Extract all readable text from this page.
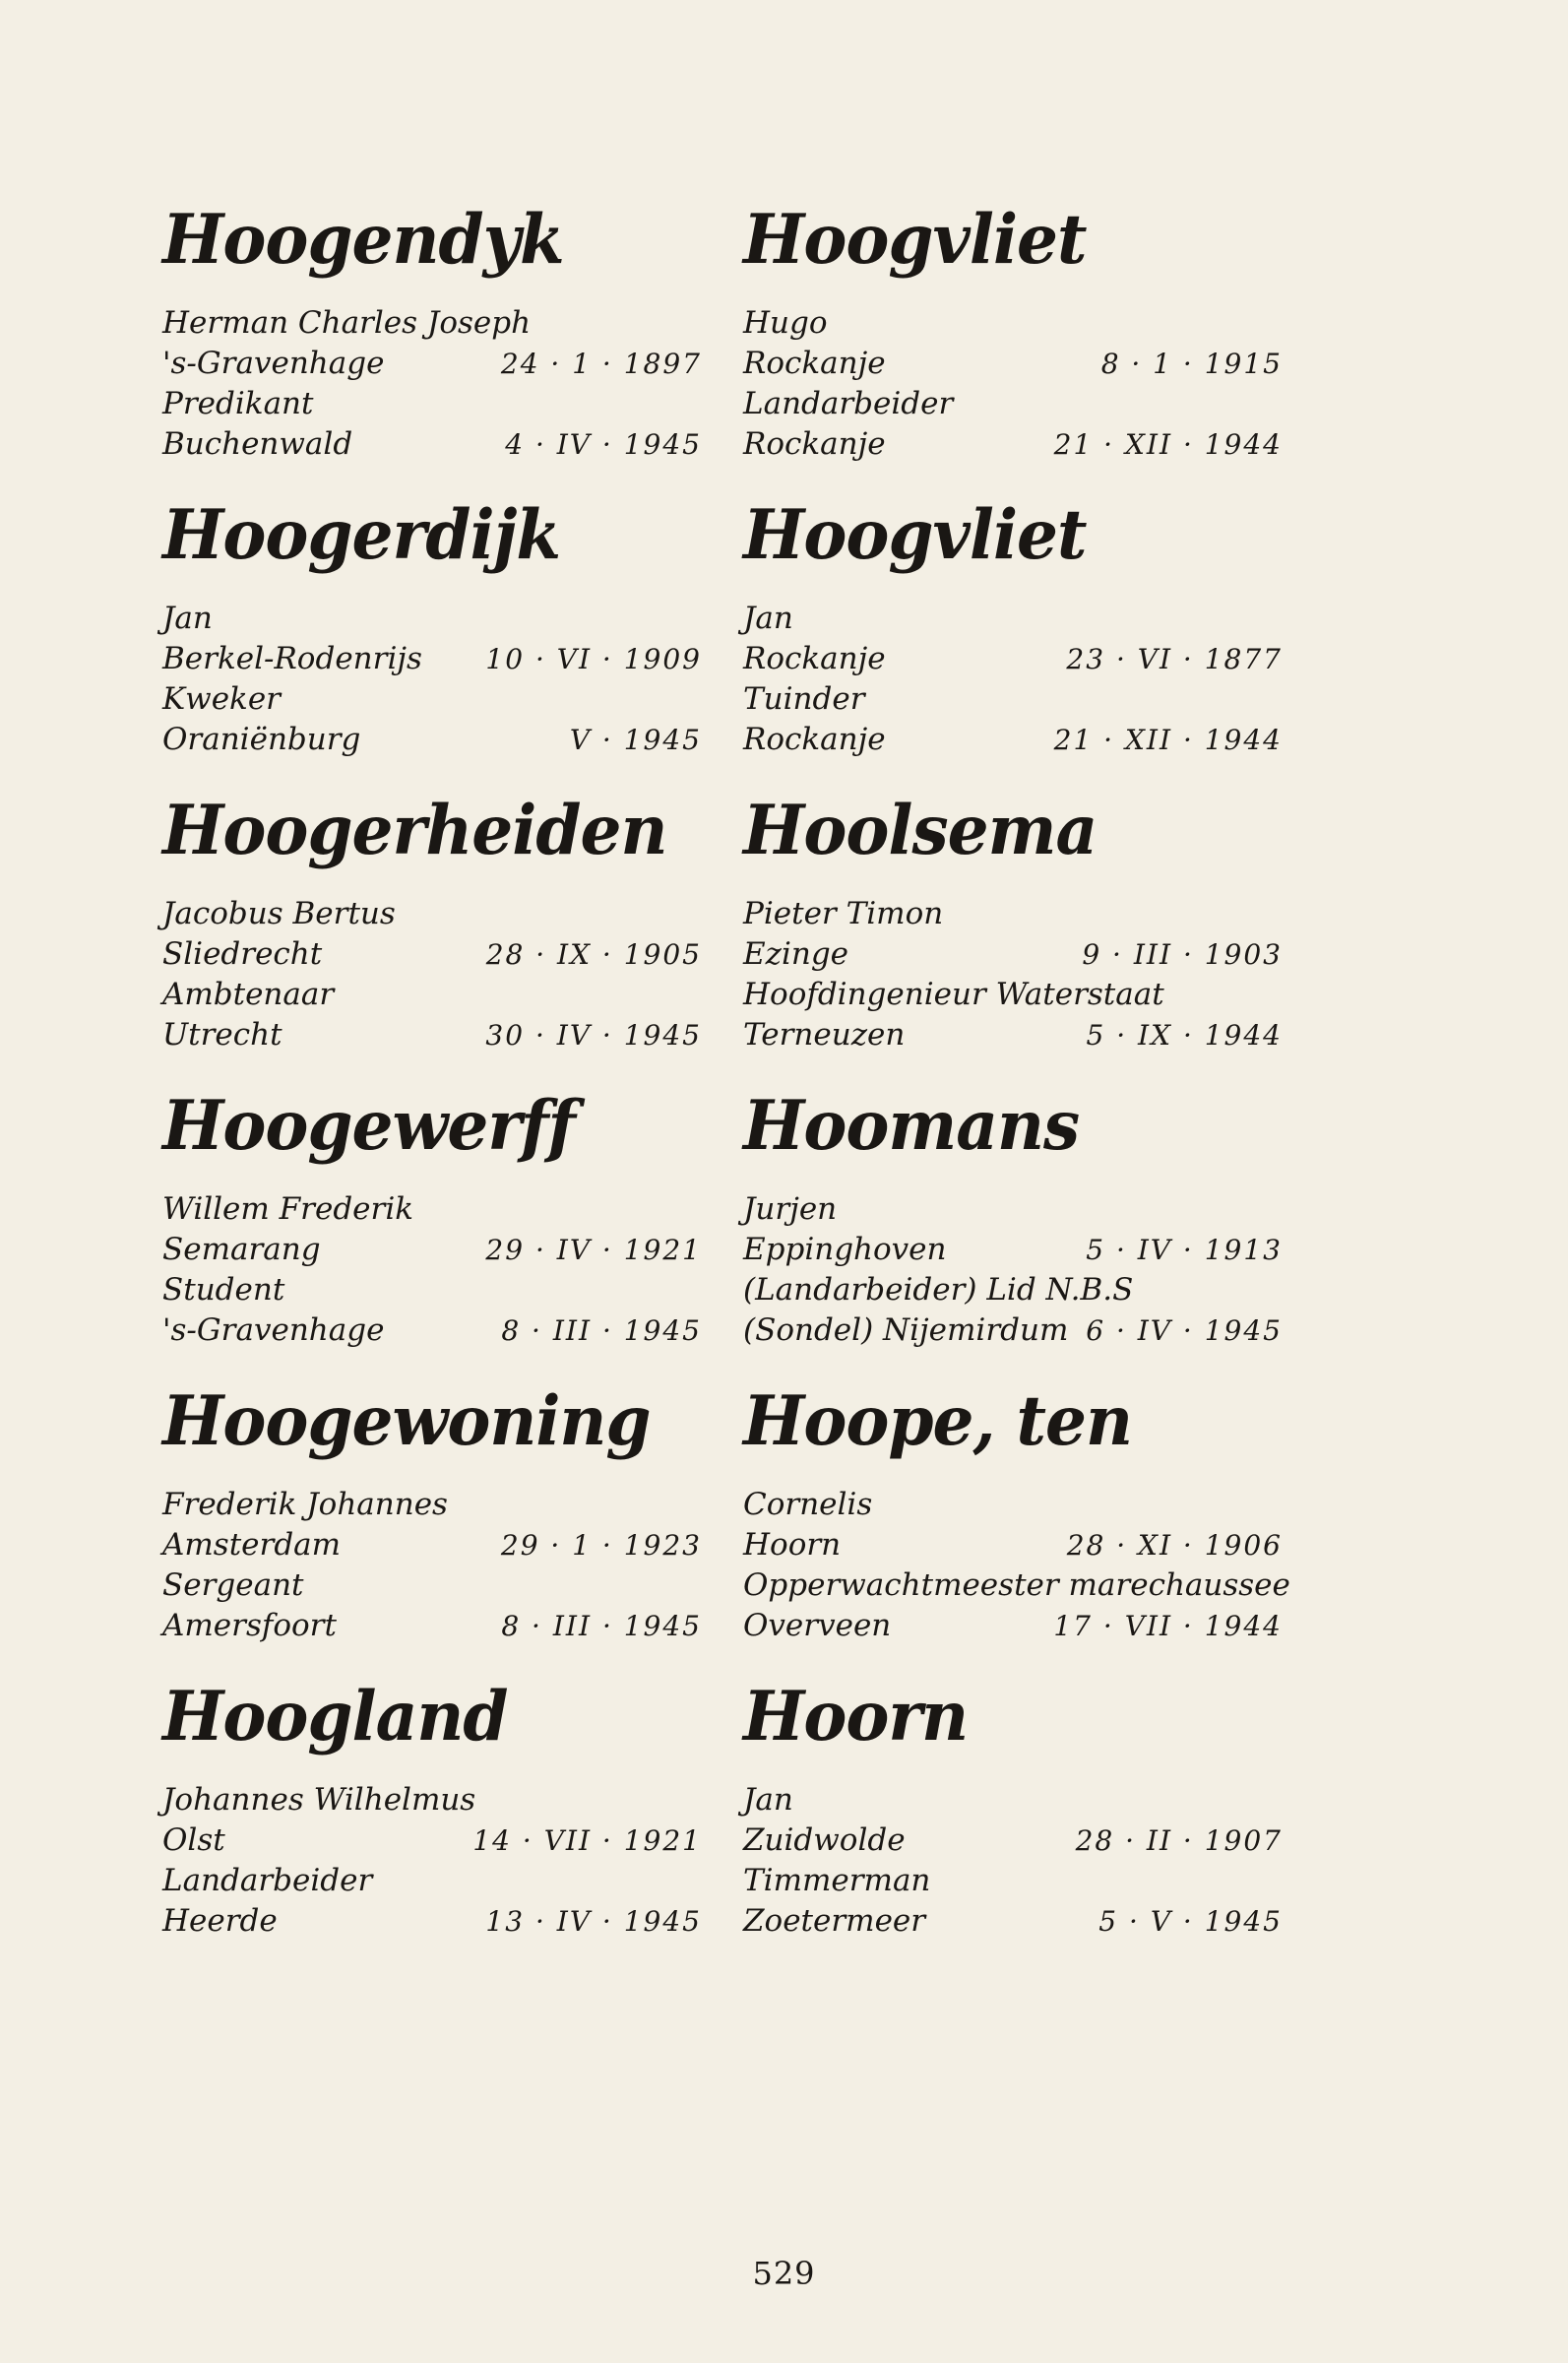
Hoogendyk
Herman Charles Joseph
's-Gravenhage	24 · 1 · 1897
Predikant
Buchenwald	4 · IV · 1945
Hoogerdijk
Jan
Berkel-Rodenrijs 10 · VI · 1909
Kweker
Oraniënburg	V · 1945
Hoogerheiden
Jacobus Bertus
Sliedrecht	28 · IX · 1905
Ambtenaar
Utrecht	30 · IV · 1945
Hoogewerff
Willem Frederik
Semarang	29 · IV · 1921
Student
's-Gravenhage	8 · III · 1945
Hoogewoning
Frederik Johannes
Amsterdam	29 · 1 · 1923
Sergeant
Amersfoort	8 · III · 1945
Hoogland
Johannes Wilhelmus
Olst	14 · VII · 1921
Landarbeider
Heerde	13 · IV · 1945
Hoogvliet
Hugo
Rockanje	8 · 1 · 1915
Landarbeider
Rockanje	21 · XII · 1944
Hoogvliet
Jan
Rockanje	23 · VI · 1877
Tuinder
Rockanje	21 · XII · 1944
Hoolsema
Pieter Timon
Ezinge	9 · III · 1903
Hoofdingenieur Waterstaat
Terneuzen	5 · IX · 1944
Hoomans
Jurjen
Eppinghoven	5 · IV · 1913
(Landarbeider) Lid N.B.S
(Sondel) Nijemirdum 6 · IV · 1945
Hoope, ten
Cornelis
Hoorn	28 · XI · 1906
Opperwachtmeester marechaussee
Overveen	17 · VII · 1944
Hoorn
Jan
Zuidwolde	28 · II · 1907
Timmerman
Zoetermeer	5 · V · 1945
529
